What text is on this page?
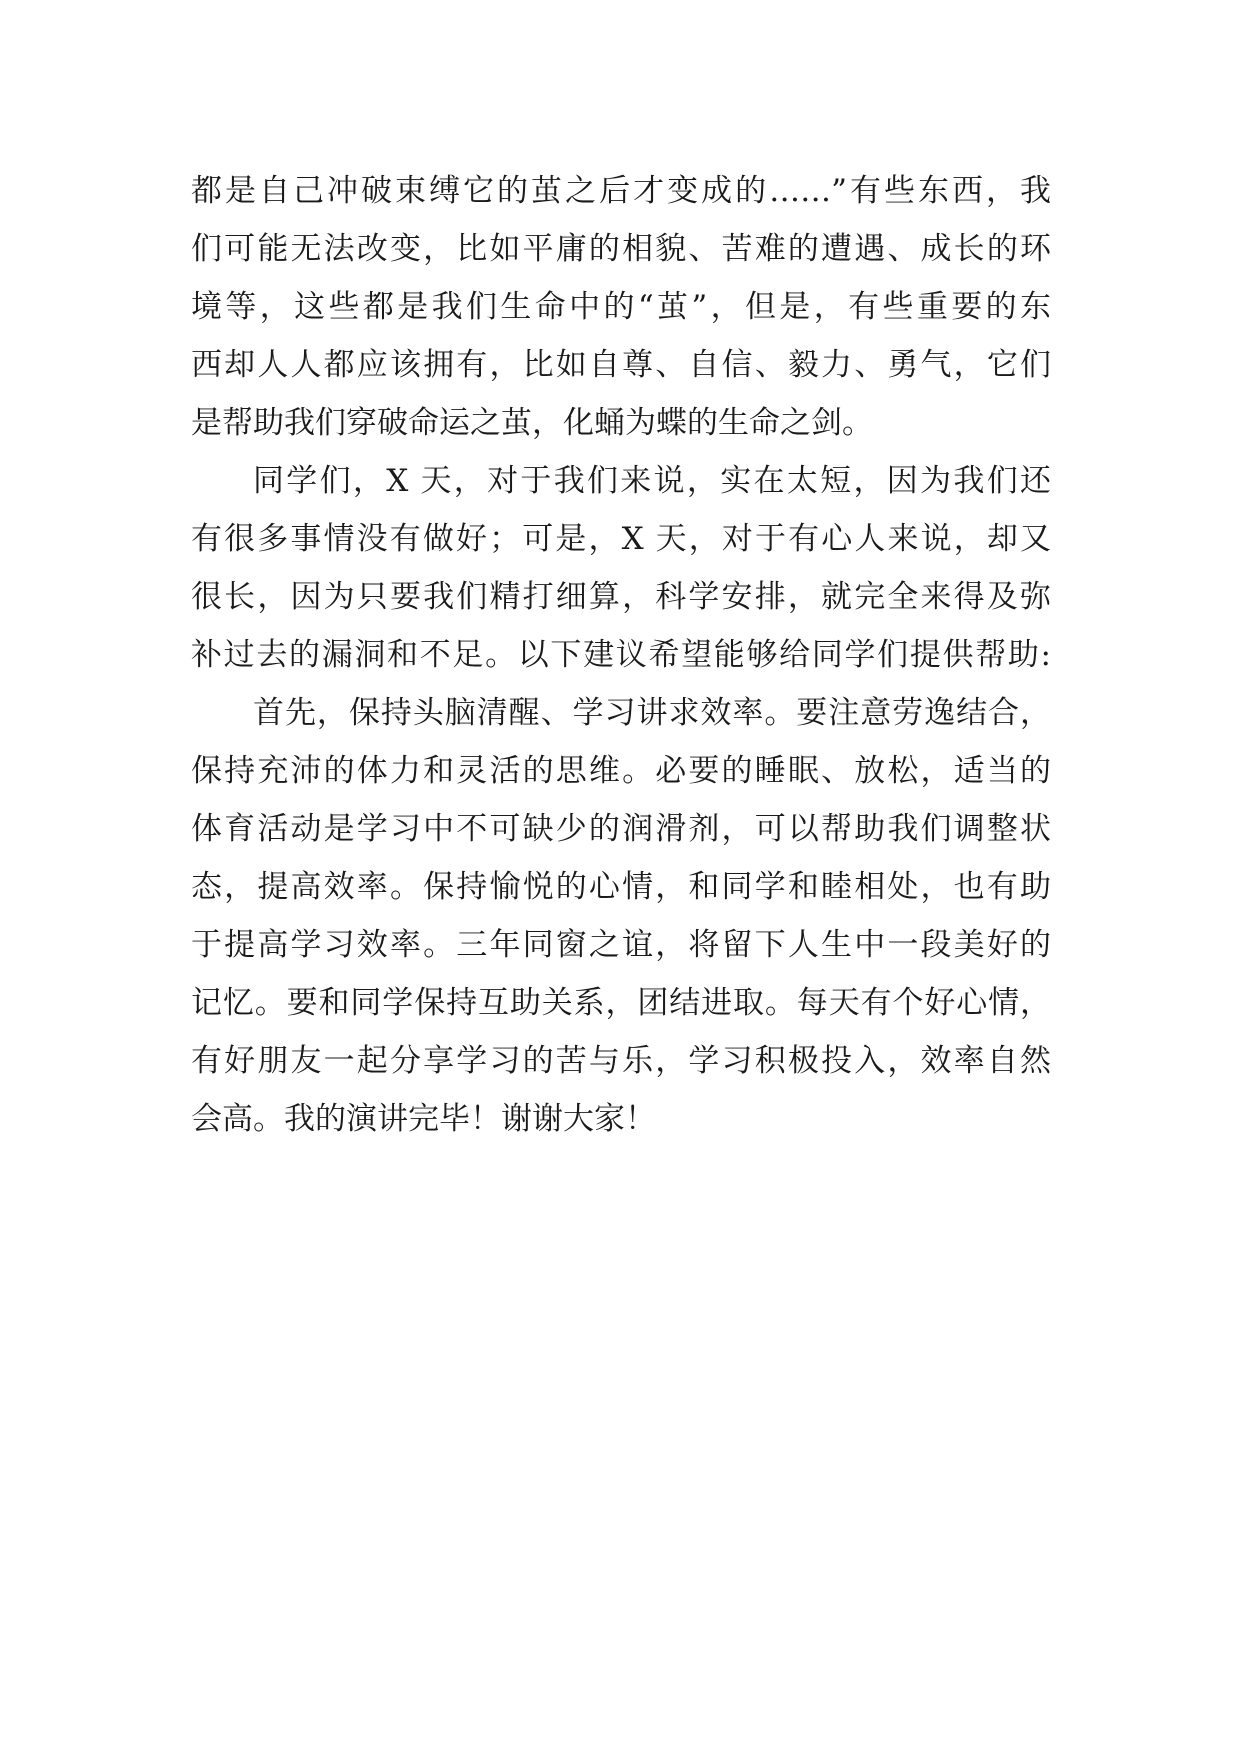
都是自己冲破束缚它的茧之后才变成的……”有些东西，我
们可能无法改变，比如平庸的相貌、苦难的遭遇、成长的环
境等，这些都是我们生命中的“茧”，但是，有些重要的东
西却人人都应该拥有，比如自尊、自信、毅力、勇气，它们
是帮助我们穿破命运之茧，化蛹为蝶的生命之剑。
同学们，X 天，对于我们来说，实在太短，因为我们还
有很多事情没有做好；可是，X 天，对于有心人来说，却又
很长，因为只要我们精打细算，科学安排，就完全来得及弥
补过去的漏洞和不足。以下建议希望能够给同学们提供帮助:
首先，保持头脑清醒、学习讲求效率。要注意劳逸结合，
保持充沛的体力和灵活的思维。必要的睡眠、放松，适当的
体育活动是学习中不可缺少的润滑剂，可以帮助我们调整状
态，提高效率。保持愉悦的心情，和同学和睦相处，也有助
于提高学习效率。三年同窗之谊，将留下人生中一段美好的
记忆。要和同学保持互助关系，团结进取。每天有个好心情，
有好朋友一起分享学习的苦与乐，学习积极投入，效率自然
会高。我的演讲完毕！谢谢大家！
